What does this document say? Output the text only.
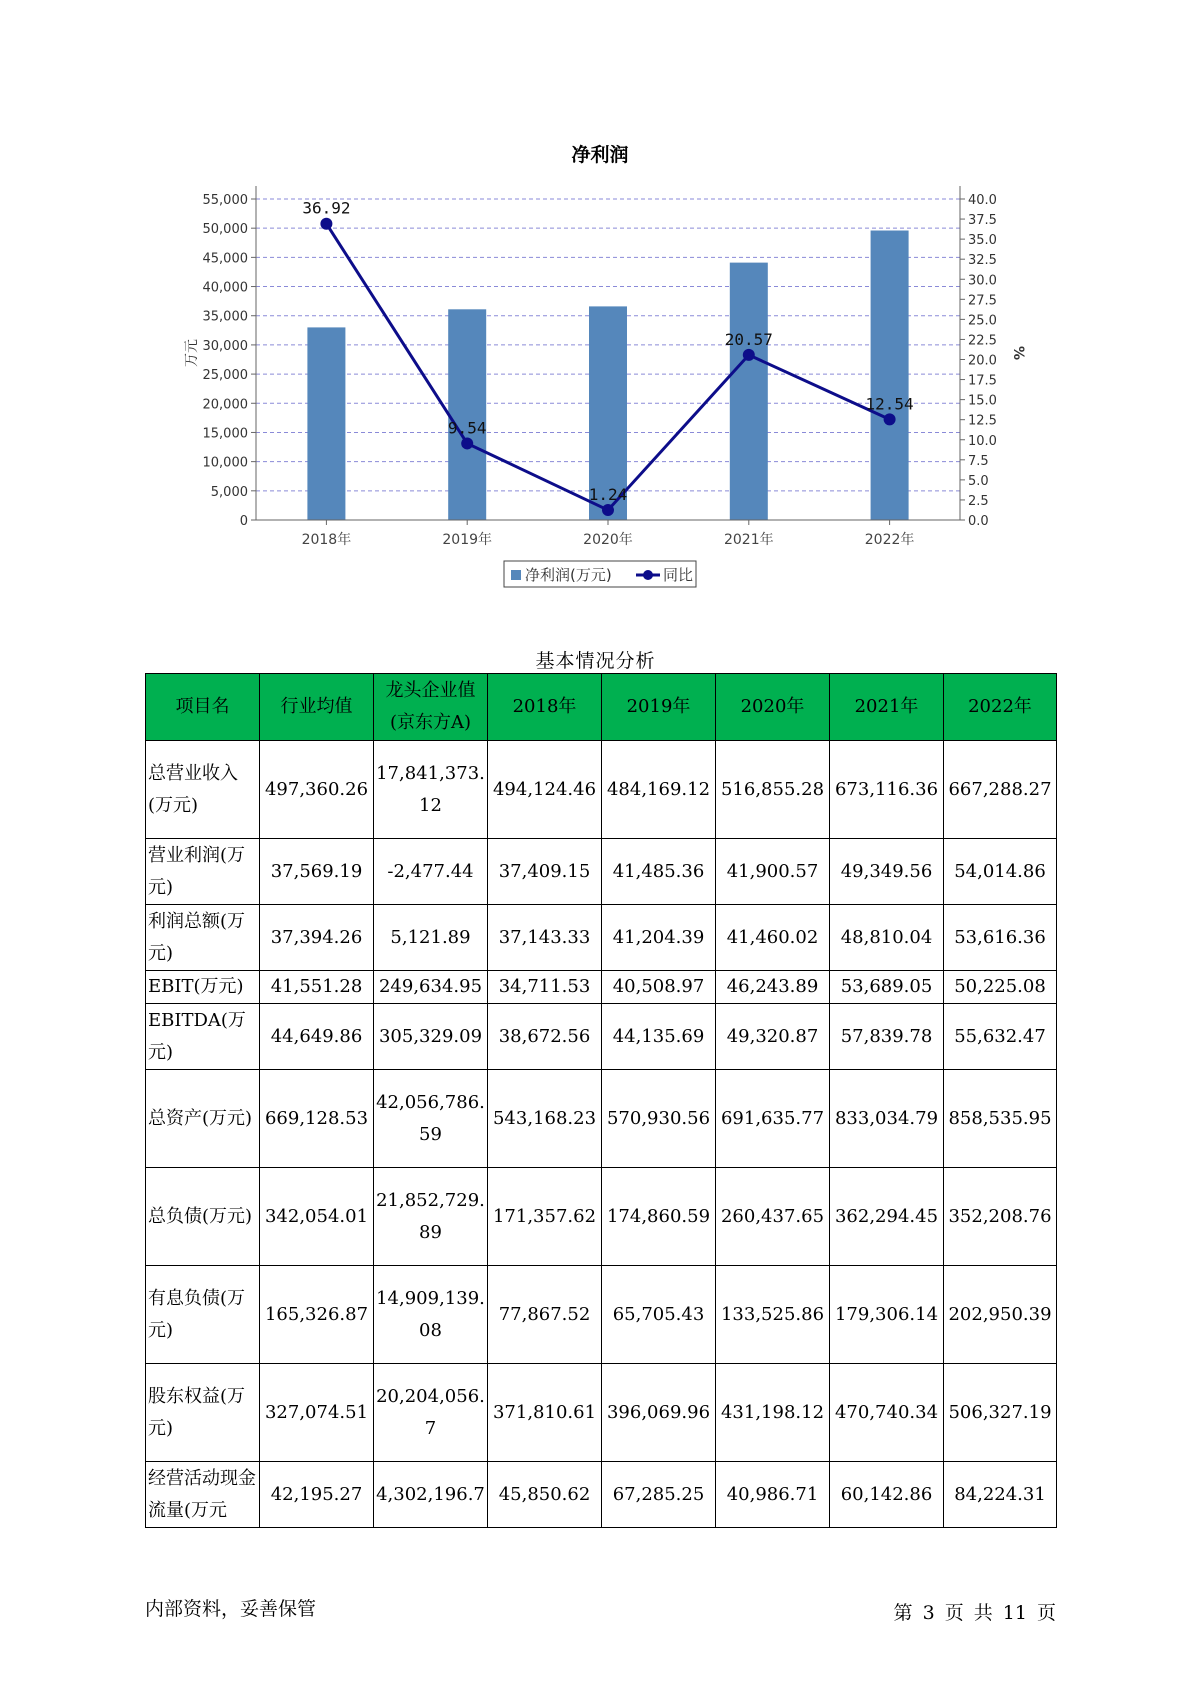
净利润
0
5,000
10,000
15,000
20,000
25,000
30,000
35,000
40,000
45,000
50,000
55,000
0.0
2.5
5.0
7.5
10.0
12.5
15.0
17.5
20.0
22.5
25.0
27.5
30.0
32.5
35.0
37.5
40.0
万元	%
2018年	2019年	2020年	2021年	2022年
36.92
9.54
1.24
20.57
12.54
净利润(万元)	同比
基本情况分析
项目名	行业均值	龙头企业值(京东方A)	2018年	2019年	2020年	2021年	2022年
总营业收入(万元)	497,360.26	17,841,373.12	494,124.46	484,169.12	516,855.28	673,116.36	667,288.27
营业利润(万元)	37,569.19	-2,477.44	37,409.15	41,485.36	41,900.57	49,349.56	54,014.86
利润总额(万元)	37,394.26	5,121.89	37,143.33	41,204.39	41,460.02	48,810.04	53,616.36
EBIT(万元)	41,551.28	249,634.95	34,711.53	40,508.97	46,243.89	53,689.05	50,225.08
EBITDA(万元)	44,649.86	305,329.09	38,672.56	44,135.69	49,320.87	57,839.78	55,632.47
总资产(万元)	669,128.53	42,056,786.59	543,168.23	570,930.56	691,635.77	833,034.79	858,535.95
总负债(万元)	342,054.01	21,852,729.89	171,357.62	174,860.59	260,437.65	362,294.45	352,208.76
有息负债(万元)	165,326.87	14,909,139.08	77,867.52	65,705.43	133,525.86	179,306.14	202,950.39
股东权益(万元)	327,074.51	20,204,056.7	371,810.61	396,069.96	431,198.12	470,740.34	506,327.19
经营活动现金流量(万元	42,195.27	4,302,196.7	45,850.62	67,285.25	40,986.71	60,142.86	84,224.31
内部资料，妥善保管	第 3 页 共 11 页
